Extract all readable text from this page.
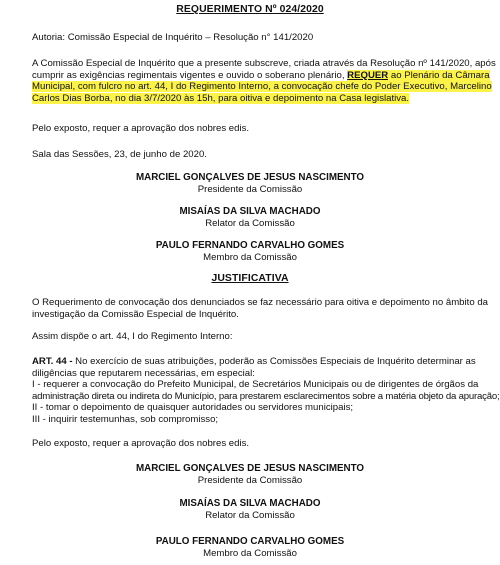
REQUERIMENTO Nº 024/2020
Autoria: Comissão Especial de Inquérito – Resolução n° 141/2020
A Comissão Especial de Inquérito que a presente subscreve, criada através da Resolução nº 141/2020, após
cumprir as exigências regimentais vigentes e ouvido o soberano plenário, REQUER ao Plenário da Câmara
Municipal, com fulcro no art. 44, I do Regimento Interno, a convocação chefe do Poder Executivo, Marcelino
Carlos Dias Borba, no dia 3/7/2020 às 15h, para oitiva e depoimento na Casa legislativa.
Pelo exposto, requer a aprovação dos nobres edis.
Sala das Sessões, 23, de junho de 2020.
MARCIEL GONÇALVES DE JESUS NASCIMENTO
Presidente da Comissão
MISAÍAS DA SILVA MACHADO
Relator da Comissão
PAULO FERNANDO CARVALHO GOMES
Membro da Comissão
JUSTIFICATIVA
O Requerimento de convocação dos denunciados se faz necessário para oitiva e depoimento no âmbito da
investigação da Comissão Especial de Inquérito.
Assim dispõe o art. 44, I do Regimento Interno:
ART. 44 - No exercício de suas atribuições, poderão as Comissões Especiais de Inquérito determinar as
diligências que reputarem necessárias, em especial:
I - requerer a convocação do Prefeito Municipal, de Secretários Municipais ou de dirigentes de órgãos da
administração direta ou indireta do Município, para prestarem esclarecimentos sobre a matéria objeto da apuração;
II - tomar o depoimento de quaisquer autoridades ou servidores municipais;
III - inquirir testemunhas, sob compromisso;
Pelo exposto, requer a aprovação dos nobres edis.
MARCIEL GONÇALVES DE JESUS NASCIMENTO
Presidente da Comissão
MISAÍAS DA SILVA MACHADO
Relator da Comissão
PAULO FERNANDO CARVALHO GOMES
Membro da Comissão
